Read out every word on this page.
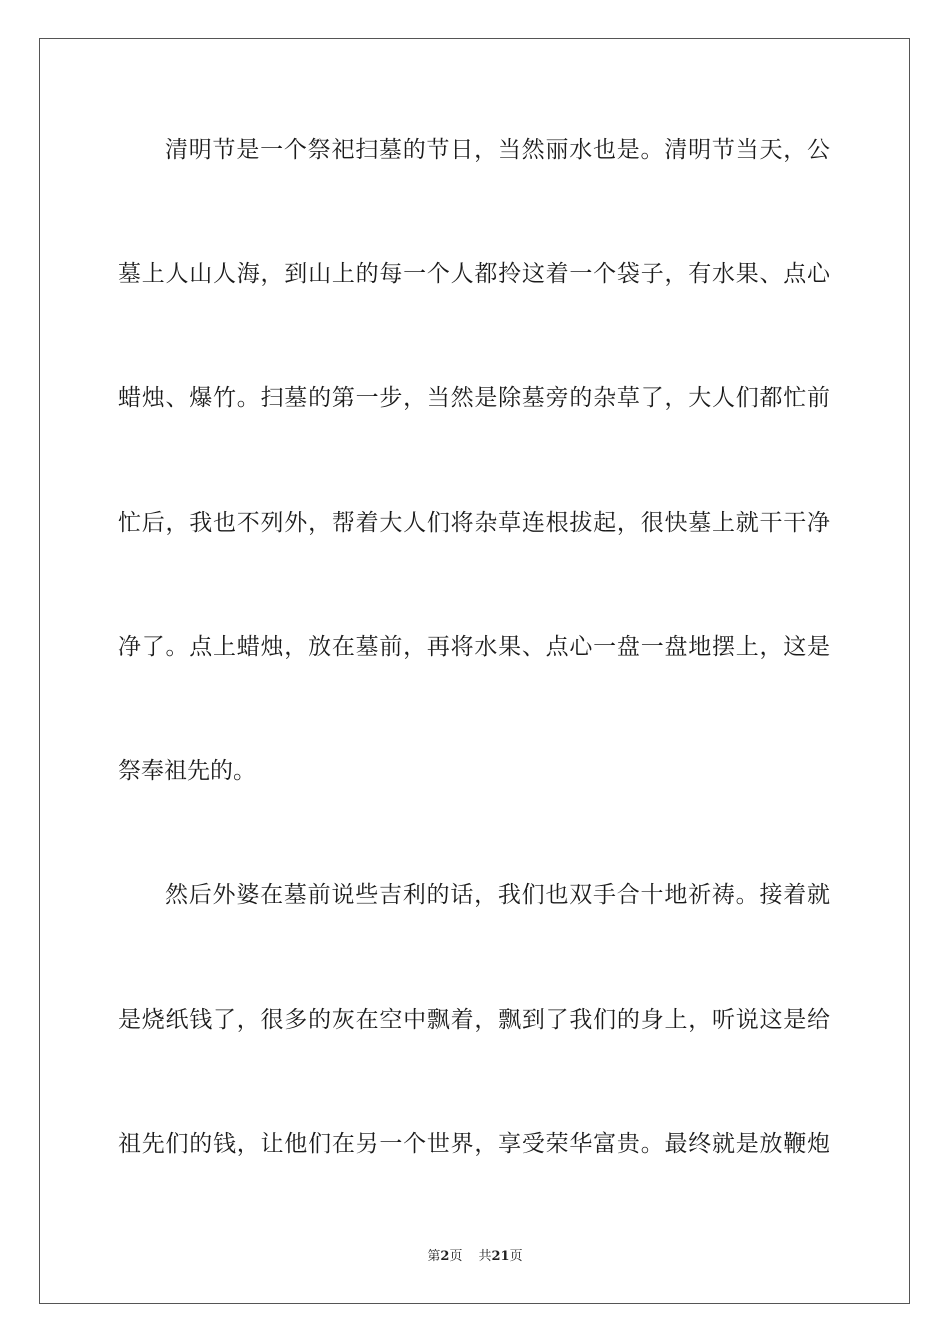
清明节是一个祭祀扫墓的节日，当然丽水也是。清明节当天，公
墓上人山人海，到山上的每一个人都拎这着一个袋子，有水果、点心
蜡烛、爆竹。扫墓的第一步，当然是除墓旁的杂草了，大人们都忙前
忙后，我也不列外，帮着大人们将杂草连根拔起，很快墓上就干干净
净了。点上蜡烛，放在墓前，再将水果、点心一盘一盘地摆上，这是
祭奉祖先的。
然后外婆在墓前说些吉利的话，我们也双手合十地祈祷。接着就
是烧纸钱了，很多的灰在空中飘着，飘到了我们的身上，听说这是给
祖先们的钱，让他们在另一个世界，享受荣华富贵。最终就是放鞭炮
第2页 共21页
